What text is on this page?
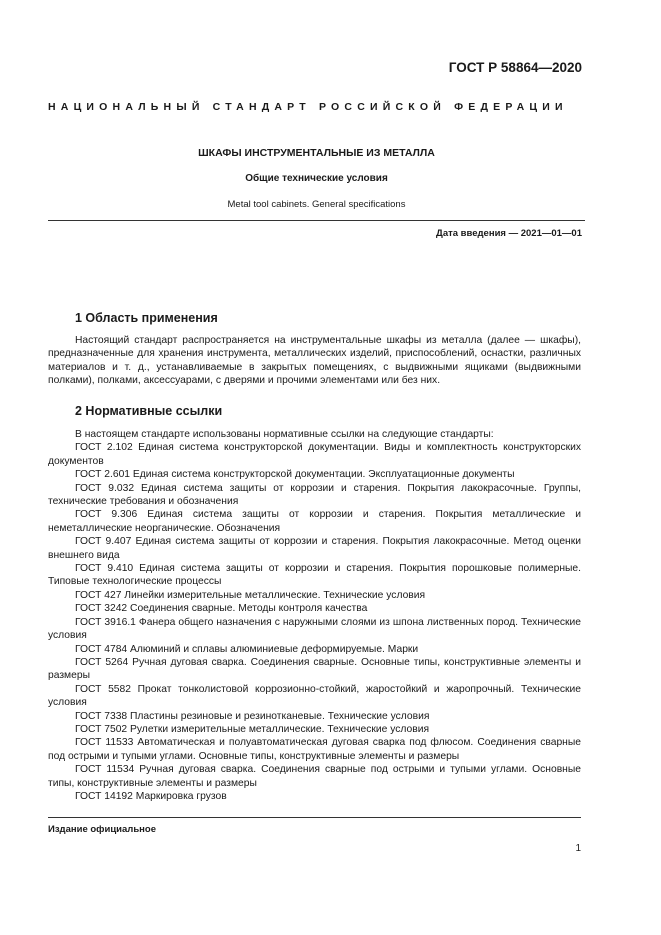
ГОСТ Р 58864—2020
НАЦИОНАЛЬНЫЙ СТАНДАРТ РОССИЙСКОЙ ФЕДЕРАЦИИ
ШКАФЫ ИНСТРУМЕНТАЛЬНЫЕ ИЗ МЕТАЛЛА
Общие технические условия
Metal tool cabinets. General specifications
Дата введения — 2021—01—01
1 Область применения
Настоящий стандарт распространяется на инструментальные шкафы из металла (далее — шкафы), предназначенные для хранения инструмента, металлических изделий, приспособлений, оснастки, различных материалов и т. д., устанавливаемые в закрытых помещениях, с выдвижными ящиками (выдвижными полками), полками, аксессуарами, с дверями и прочими элементами или без них.
2 Нормативные ссылки
В настоящем стандарте использованы нормативные ссылки на следующие стандарты:
ГОСТ 2.102 Единая система конструкторской документации. Виды и комплектность конструкторских документов
ГОСТ 2.601 Единая система конструкторской документации. Эксплуатационные документы
ГОСТ 9.032 Единая система защиты от коррозии и старения. Покрытия лакокрасочные. Группы, технические требования и обозначения
ГОСТ 9.306 Единая система защиты от коррозии и старения. Покрытия металлические и неметаллические неорганические. Обозначения
ГОСТ 9.407 Единая система защиты от коррозии и старения. Покрытия лакокрасочные. Метод оценки внешнего вида
ГОСТ 9.410 Единая система защиты от коррозии и старения. Покрытия порошковые полимерные. Типовые технологические процессы
ГОСТ 427 Линейки измерительные металлические. Технические условия
ГОСТ 3242 Соединения сварные. Методы контроля качества
ГОСТ 3916.1 Фанера общего назначения с наружными слоями из шпона лиственных пород. Технические условия
ГОСТ 4784 Алюминий и сплавы алюминиевые деформируемые. Марки
ГОСТ 5264 Ручная дуговая сварка. Соединения сварные. Основные типы, конструктивные элементы и размеры
ГОСТ 5582 Прокат тонколистовой коррозионно-стойкий, жаростойкий и жаропрочный. Технические условия
ГОСТ 7338 Пластины резиновые и резинотканевые. Технические условия
ГОСТ 7502 Рулетки измерительные металлические. Технические условия
ГОСТ 11533 Автоматическая и полуавтоматическая дуговая сварка под флюсом. Соединения сварные под острыми и тупыми углами. Основные типы, конструктивные элементы и размеры
ГОСТ 11534 Ручная дуговая сварка. Соединения сварные под острыми и тупыми углами. Основные типы, конструктивные элементы и размеры
ГОСТ 14192 Маркировка грузов
Издание официальное
1
